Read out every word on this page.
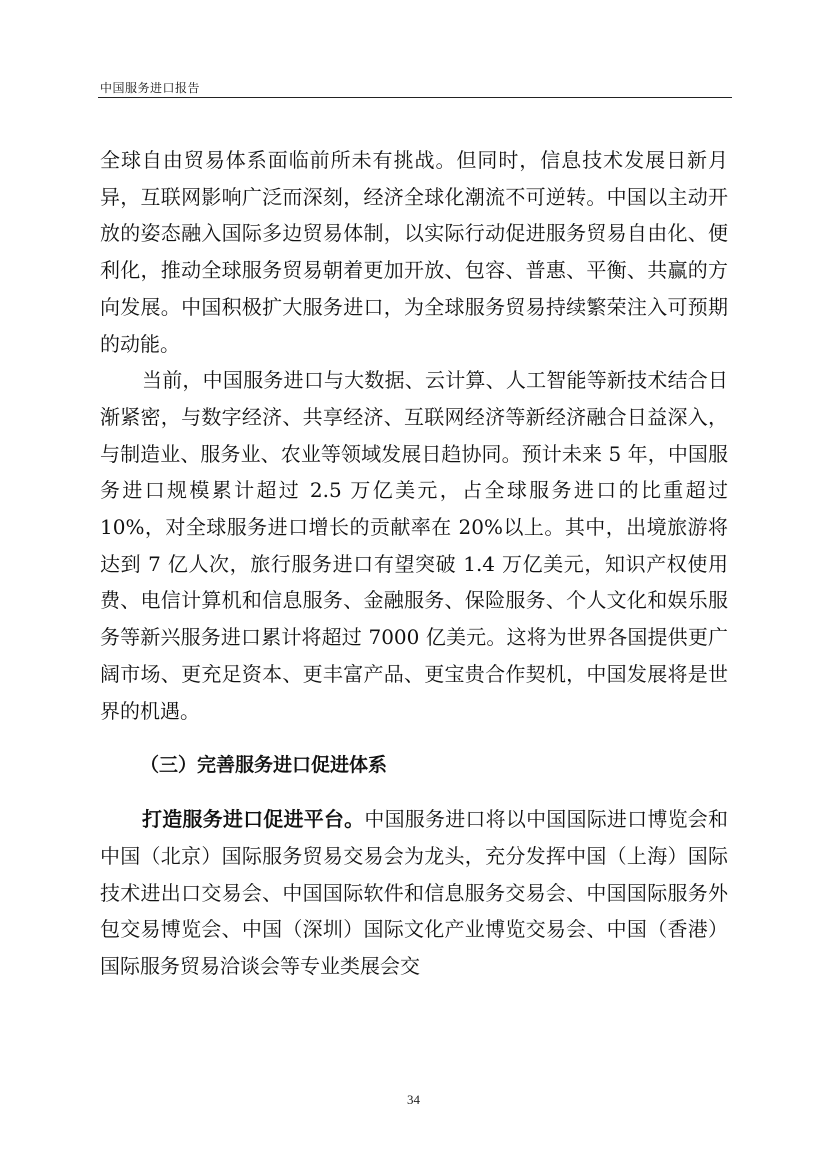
中国服务进口报告

全球自由贸易体系面临前所未有挑战。但同时，信息技术发展日新月异，互联网影响广泛而深刻，经济全球化潮流不可逆转。中国以主动开放的姿态融入国际多边贸易体制，以实际行动促进服务贸易自由化、便利化，推动全球服务贸易朝着更加开放、包容、普惠、平衡、共赢的方向发展。中国积极扩大服务进口，为全球服务贸易持续繁荣注入可预期的动能。

当前，中国服务进口与大数据、云计算、人工智能等新技术结合日渐紧密，与数字经济、共享经济、互联网经济等新经济融合日益深入，与制造业、服务业、农业等领域发展日趋协同。预计未来 5 年，中国服务进口规模累计超过 2.5 万亿美元，占全球服务进口的比重超过 10%，对全球服务进口增长的贡献率在 20%以上。其中，出境旅游将达到 7 亿人次，旅行服务进口有望突破 1.4 万亿美元，知识产权使用费、电信计算机和信息服务、金融服务、保险服务、个人文化和娱乐服务等新兴服务进口累计将超过 7000 亿美元。这将为世界各国提供更广阔市场、更充足资本、更丰富产品、更宝贵合作契机，中国发展将是世界的机遇。

（三）完善服务进口促进体系

打造服务进口促进平台。中国服务进口将以中国国际进口博览会和中国（北京）国际服务贸易交易会为龙头，充分发挥中国（上海）国际技术进出口交易会、中国国际软件和信息服务交易会、中国国际服务外包交易博览会、中国（深圳）国际文化产业博览交易会、中国（香港）国际服务贸易洽谈会等专业类展会交

34
